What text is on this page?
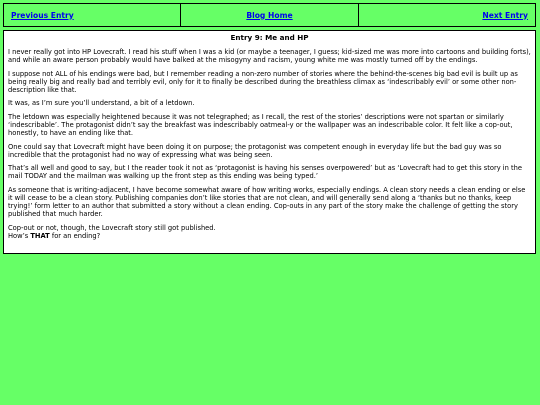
Previous Entry	Blog Home	Next Entry
Entry 9: Me and HP

I never really got into HP Lovecraft. I read his stuff when I was a kid (or maybe a teenager, I guess; kid-sized me was more into cartoons and building forts), and while an aware person probably would have balked at the misogyny and racism, young white me was mostly turned off by the endings.

I suppose not ALL of his endings were bad, but I remember reading a non-zero number of stories where the behind-the-scenes big bad evil is built up as being really big and really bad and terribly evil, only for it to finally be described during the breathless climax as ‘indescribably evil’ or some other non-description like that.

It was, as I’m sure you’ll understand, a bit of a letdown.

The letdown was especially heightened because it was not telegraphed; as I recall, the rest of the stories’ descriptions were not spartan or similarly ‘indescribable’. The protagonist didn’t say the breakfast was indescribably oatmeal-y or the wallpaper was an indescribable color. It felt like a cop-out, honestly, to have an ending like that.

One could say that Lovecraft might have been doing it on purpose; the protagonist was competent enough in everyday life but the bad guy was so incredible that the protagonist had no way of expressing what was being seen.

That’s all well and good to say, but I the reader took it not as ‘protagonist is having his senses overpowered’ but as ‘Lovecraft had to get this story in the mail TODAY and the mailman was walking up the front step as this ending was being typed.’

As someone that is writing-adjacent, I have become somewhat aware of how writing works, especially endings. A clean story needs a clean ending or else it will cease to be a clean story. Publishing companies don’t like stories that are not clean, and will generally send along a ‘thanks but no thanks, keep trying!’ form letter to an author that submitted a story without a clean ending. Cop-outs in any part of the story make the challenge of getting the story published that much harder.

Cop-out or not, though, the Lovecraft story still got published.
How’s THAT for an ending?
